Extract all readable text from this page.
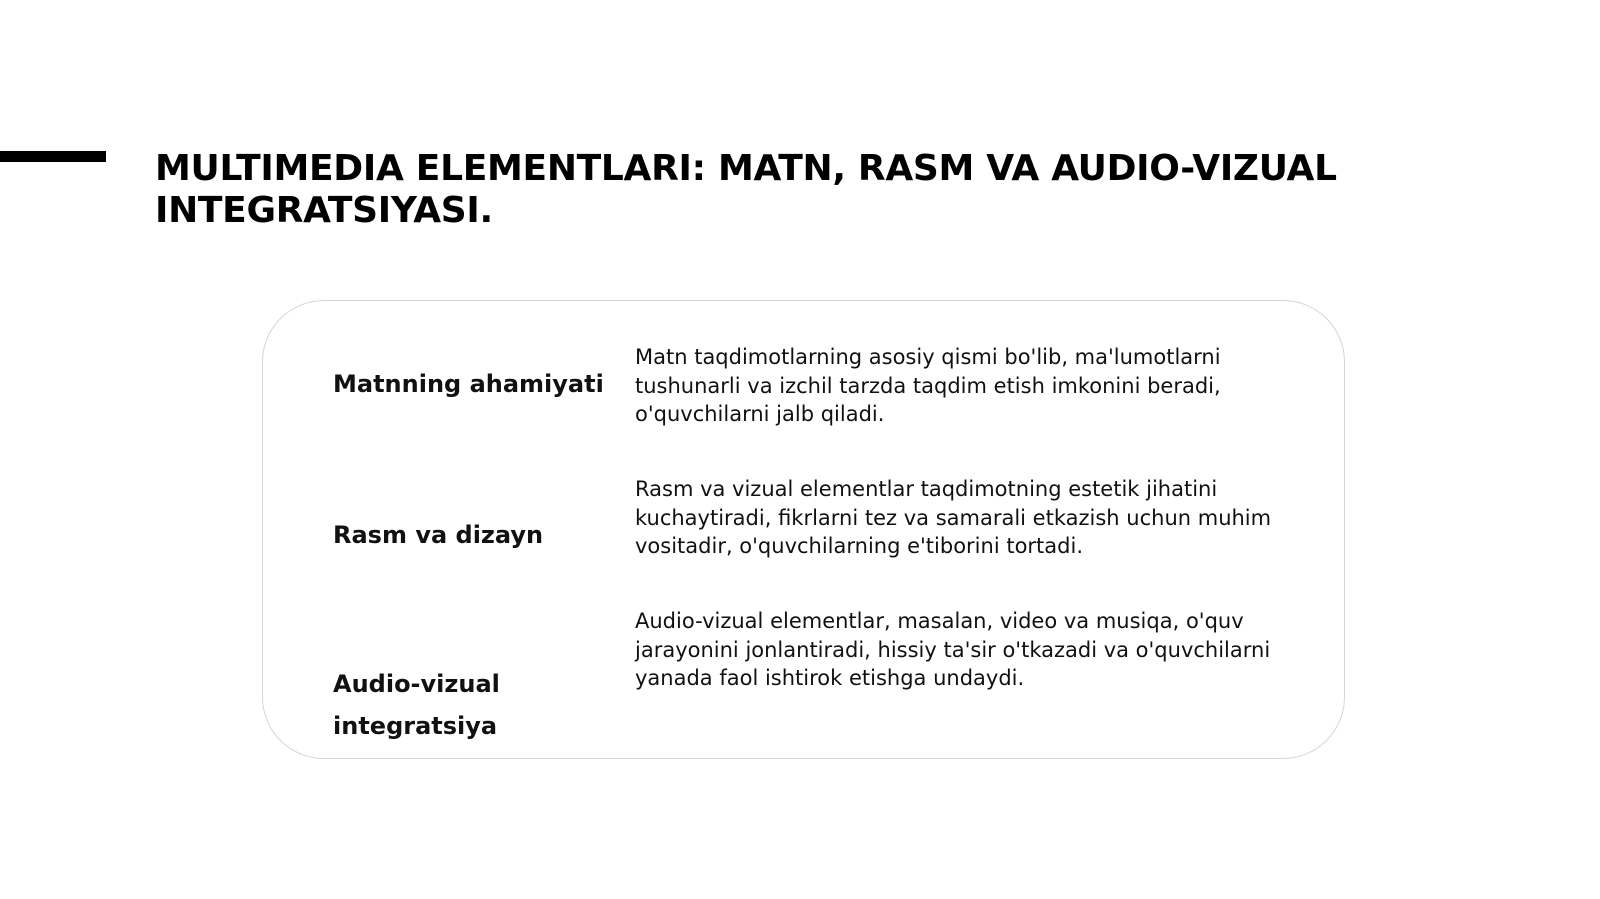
MULTIMEDIA ELEMENTLARI: MATN, RASM VA AUDIO-VIZUAL INTEGRATSIYASI.
Matnning ahamiyati
Matn taqdimotlarning asosiy qismi bo'lib, ma'lumotlarni tushunarli va izchil tarzda taqdim etish imkonini beradi, o'quvchilarni jalb qiladi.
Rasm va dizayn
Rasm va vizual elementlar taqdimotning estetik jihatini kuchaytiradi, fikrlarni tez va samarali etkazish uchun muhim vositadir, o'quvchilarning e'tiborini tortadi.
Audio-vizual integratsiya
Audio-vizual elementlar, masalan, video va musiqa, o'quv jarayonini jonlantiradi, hissiy ta'sir o'tkazadi va o'quvchilarni yanada faol ishtirok etishga undaydi.
